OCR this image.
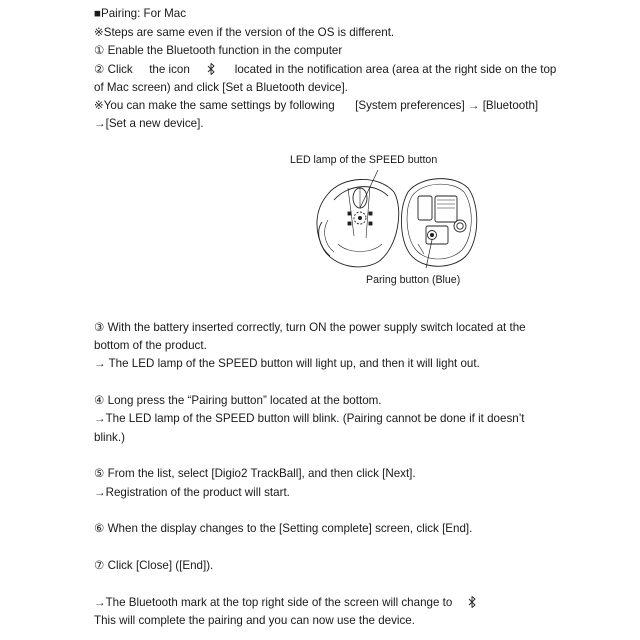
■Pairing: For Mac
※Steps are same even if the version of the OS is different.
① Enable the Bluetooth function in the computer
② Click the icon	located in the notification area (area at the right side on the top
of Mac screen) and click [Set a Bluetooth device].
※You can make the same settings by following [System preferences] → [Bluetooth]
→[Set a new device].
LED lamp of the SPEED button
Paring button (Blue)
③ With the battery inserted correctly, turn ON the power supply switch located at the
bottom of the product.
→ The LED lamp of the SPEED button will light up, and then it will light out.
④ Long press the “Pairing button” located at the bottom.
→The LED lamp of the SPEED button will blink. (Pairing cannot be done if it doesn’t
blink.)
⑤ From the list, select [Digio2 TrackBall], and then click [Next].
→Registration of the product will start.
⑥ When the display changes to the [Setting complete] screen, click [End].
⑦ Click [Close] ([End]).
→The Bluetooth mark at the top right side of the screen will change to
This will complete the pairing and you can now use the device.
